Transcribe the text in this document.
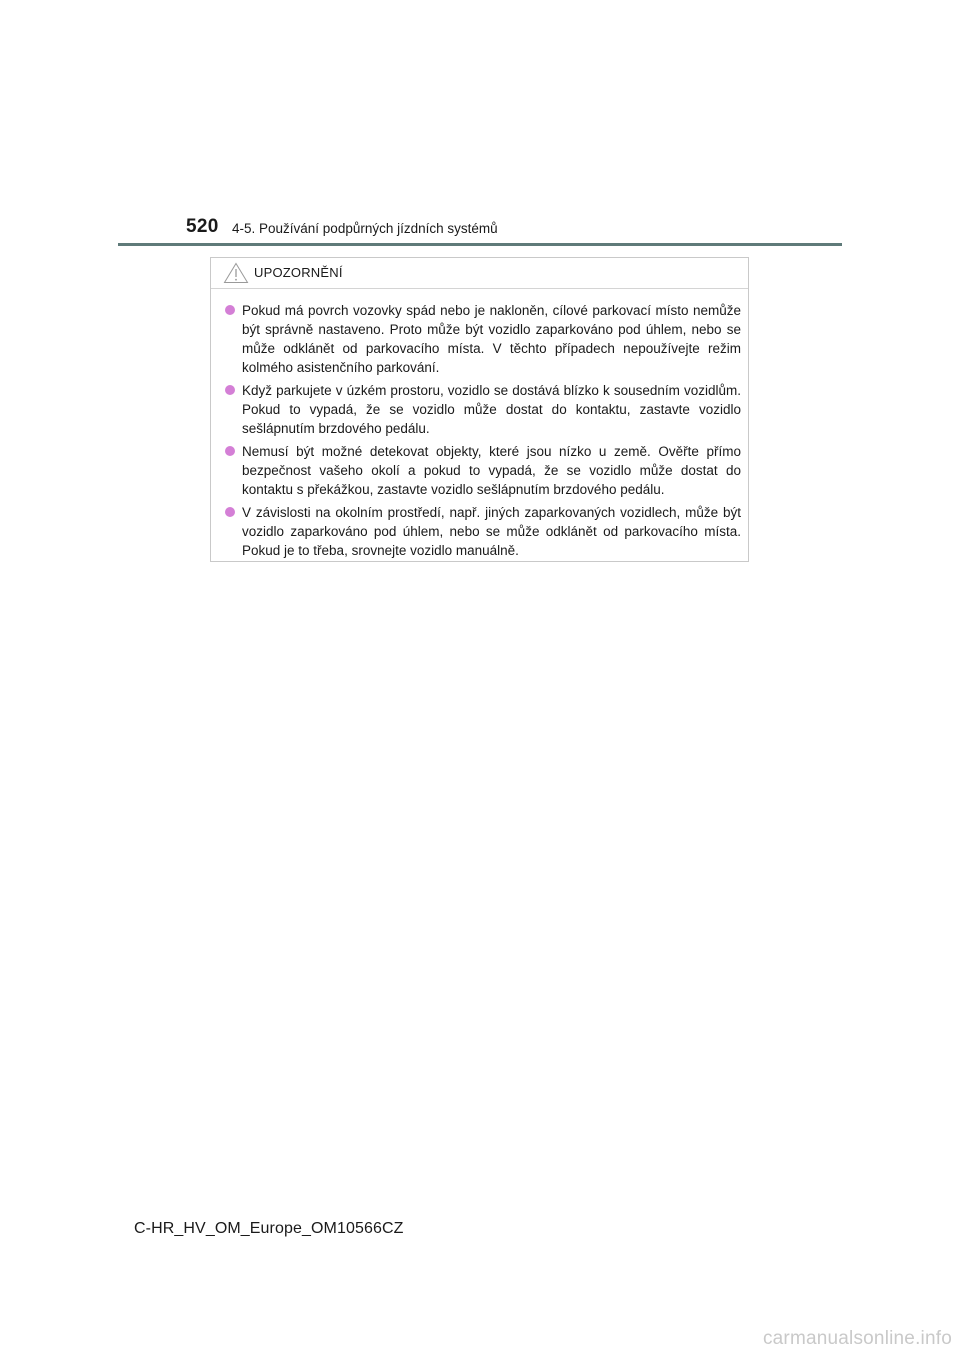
520 4-5. Používání podpůrných jízdních systémů
UPOZORNĚNÍ
Pokud má povrch vozovky spád nebo je nakloněn, cílové parkovací místo nemůže být správně nastaveno. Proto může být vozidlo zaparkováno pod úhlem, nebo se může odklánět od parkovacího místa. V těchto případech nepoužívejte režim kolmého asistenčního parkování.
Když parkujete v úzkém prostoru, vozidlo se dostává blízko k sousedním vozidlům. Pokud to vypadá, že se vozidlo může dostat do kontaktu, zastavte vozidlo sešlápnutím brzdového pedálu.
Nemusí být možné detekovat objekty, které jsou nízko u země. Ověřte přímo bezpečnost vašeho okolí a pokud to vypadá, že se vozidlo může dostat do kontaktu s překážkou, zastavte vozidlo sešlápnutím brzdového pedálu.
V závislosti na okolním prostředí, např. jiných zaparkovaných vozidlech, může být vozidlo zaparkováno pod úhlem, nebo se může odklánět od parkovacího místa. Pokud je to třeba, srovnejte vozidlo manuálně.
C-HR_HV_OM_Europe_OM10566CZ
carmanualsonline.info
